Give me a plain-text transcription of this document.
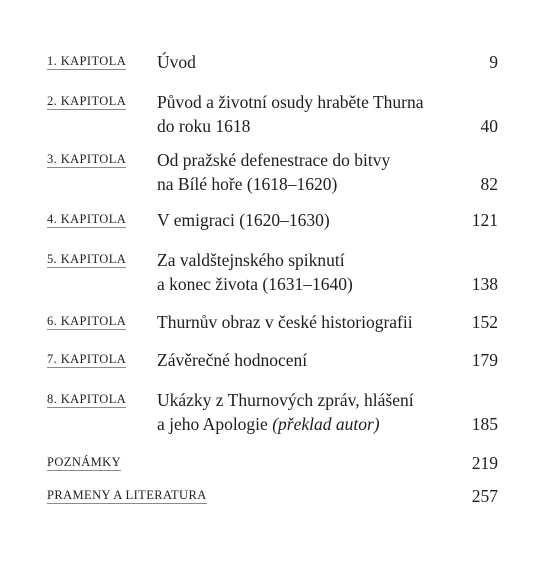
1. KAPITOLA Úvod	9
2. KAPITOLA Původ a životní osudy hraběte Thurna
do roku 1618	40
3. KAPITOLA Od pražské defenestrace do bitvy
na Bílé hoře (1618–1620)	82
4. KAPITOLA V emigraci (1620–1630)	121
5. KAPITOLA Za valdštejnského spiknutí
a konec života (1631–1640)	138
6. KAPITOLA Thurnův obraz v české historiografii	152
7. KAPITOLA Závěrečné hodnocení	179
8. KAPITOLA Ukázky z Thurnových zpráv, hlášení
a jeho Apologie (překlad autor)	185
POZNÁMKY	219
PRAMENY A LITERATURA	257
